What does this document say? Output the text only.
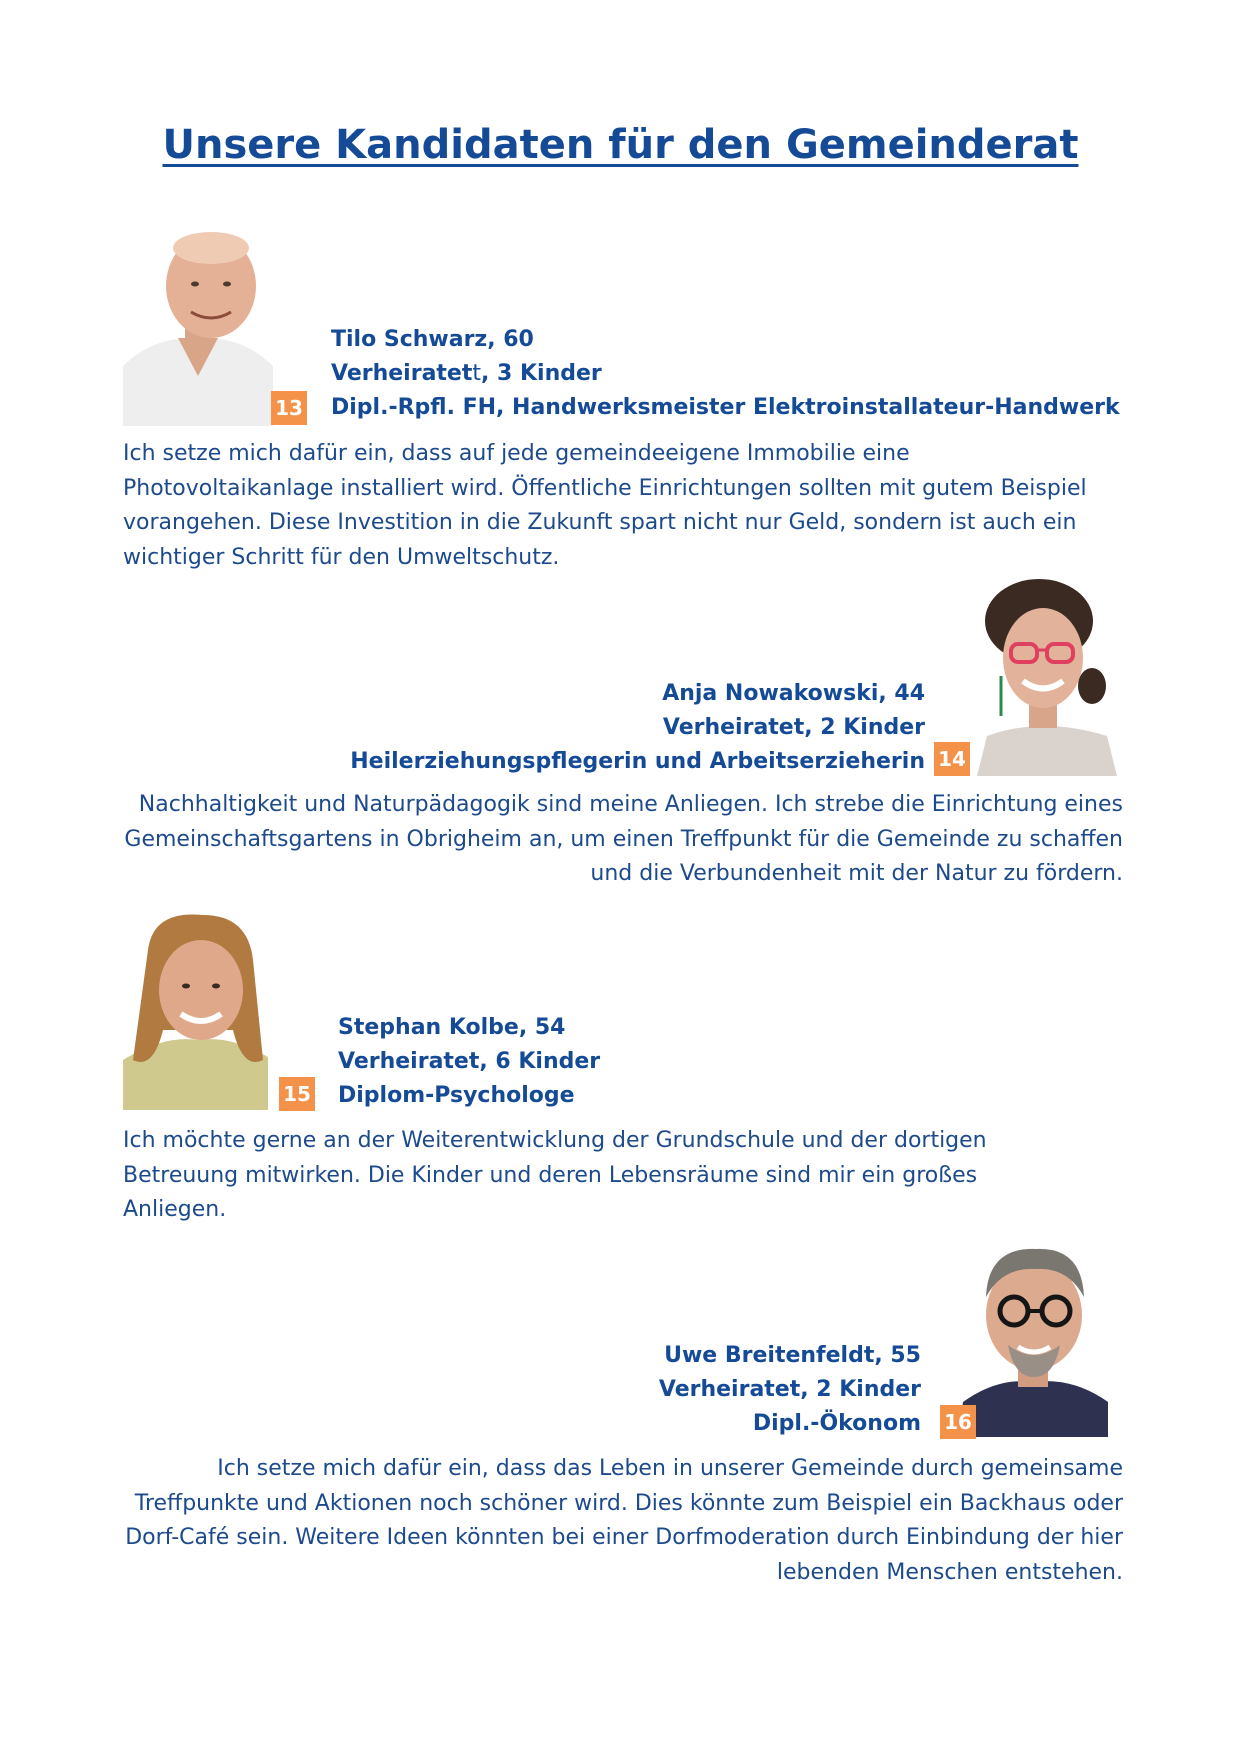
Unsere Kandidaten für den Gemeinderat
13
Tilo Schwarz, 60
Verheiratett, 3 Kinder
Dipl.-Rpfl. FH, Handwerksmeister Elektroinstallateur-Handwerk

Ich setze mich dafür ein, dass auf jede gemeindeeigene Immobilie eine Photovoltaikanlage installiert wird. Öffentliche Einrichtungen sollten mit gutem Beispiel vorangehen. Diese Investition in die Zukunft spart nicht nur Geld, sondern ist auch ein wichtiger Schritt für den Umweltschutz.

14
Anja Nowakowski, 44
Verheiratet, 2 Kinder
Heilerziehungspflegerin und Arbeitserzieherin

Nachhaltigkeit und Naturpädagogik sind meine Anliegen. Ich strebe die Einrichtung eines Gemeinschaftsgartens in Obrigheim an, um einen Treffpunkt für die Gemeinde zu schaffen und die Verbundenheit mit der Natur zu fördern.

15
Stephan Kolbe, 54
Verheiratet, 6 Kinder
Diplom-Psychologe

Ich möchte gerne an der Weiterentwicklung der Grundschule und der dortigen Betreuung mitwirken. Die Kinder und deren Lebensräume sind mir ein großes Anliegen.

16
Uwe Breitenfeldt, 55
Verheiratet, 2 Kinder
Dipl.-Ökonom

Ich setze mich dafür ein, dass das Leben in unserer Gemeinde durch gemeinsame Treffpunkte und Aktionen noch schöner wird. Dies könnte zum Beispiel ein Backhaus oder Dorf-Café sein. Weitere Ideen könnten bei einer Dorfmoderation durch Einbindung der hier lebenden Menschen entstehen.
